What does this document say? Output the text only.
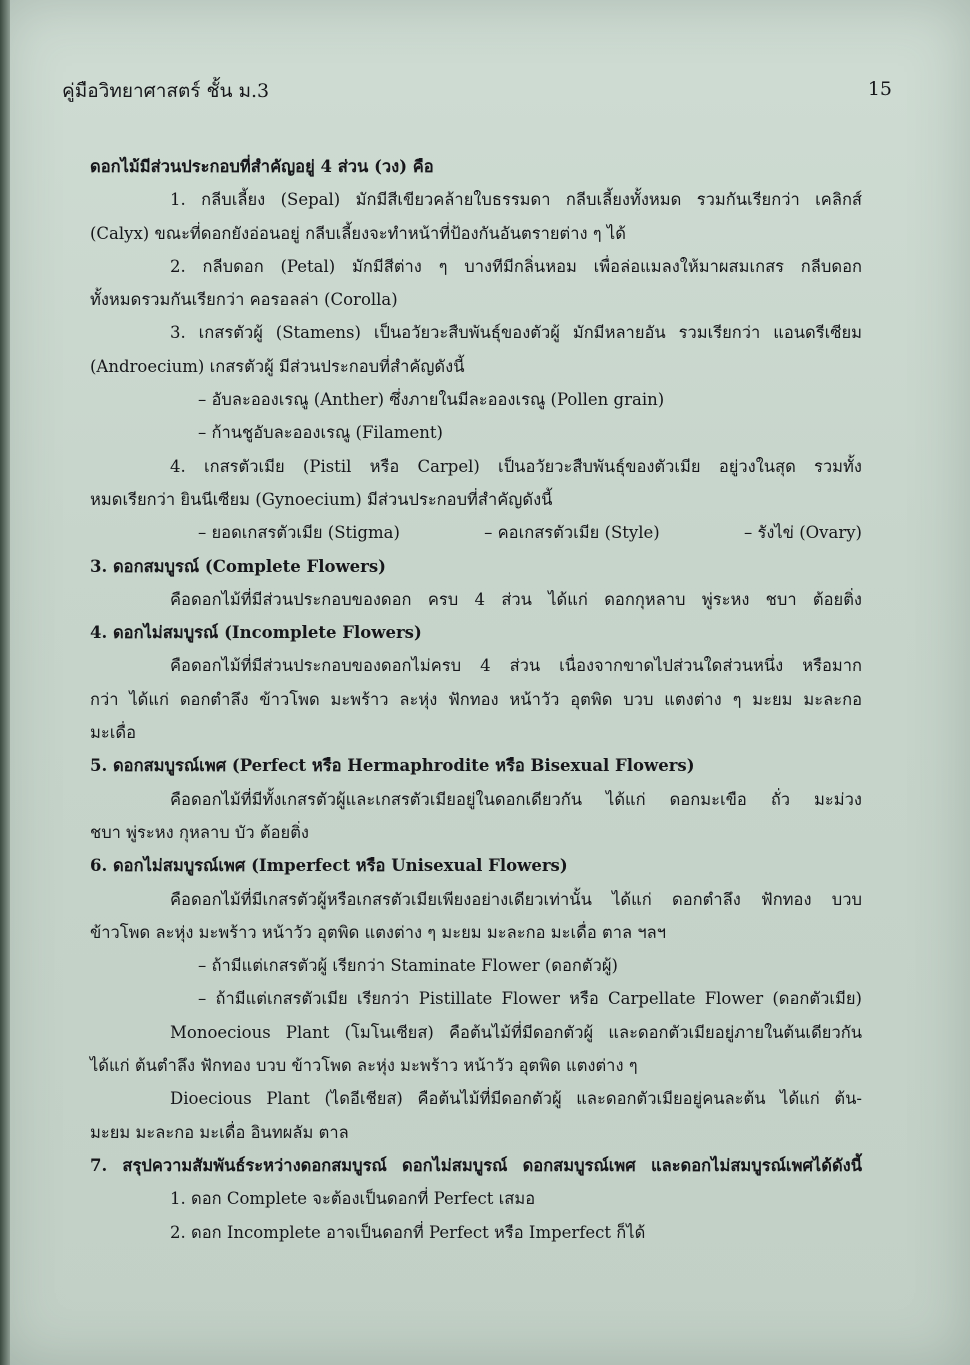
คู่มือวิทยาศาสตร์ ชั้น ม.3	15
ดอกไม้มีส่วนประกอบที่สำคัญอยู่ 4 ส่วน (วง) คือ
1. กลีบเลี้ยง (Sepal) มักมีสีเขียวคล้ายใบธรรมดา กลีบเลี้ยงทั้งหมด รวมกันเรียกว่า เคลิกส์
(Calyx) ขณะที่ดอกยังอ่อนอยู่ กลีบเลี้ยงจะทำหน้าที่ป้องกันอันตรายต่าง ๆ ได้
2. กลีบดอก (Petal) มักมีสีต่าง ๆ บางทีมีกลิ่นหอม เพื่อล่อแมลงให้มาผสมเกสร กลีบดอก
ทั้งหมดรวมกันเรียกว่า คอรอลล่า (Corolla)
3. เกสรตัวผู้ (Stamens) เป็นอวัยวะสืบพันธุ์ของตัวผู้ มักมีหลายอัน รวมเรียกว่า แอนดรีเซียม
(Androecium) เกสรตัวผู้ มีส่วนประกอบที่สำคัญดังนี้
– อับละอองเรณู (Anther) ซึ่งภายในมีละอองเรณู (Pollen grain)
– ก้านชูอับละอองเรณู (Filament)
4. เกสรตัวเมีย (Pistil หรือ Carpel) เป็นอวัยวะสืบพันธุ์ของตัวเมีย อยู่วงในสุด รวมทั้ง
หมดเรียกว่า ยินนีเซียม (Gynoecium) มีส่วนประกอบที่สำคัญดังนี้
– ยอดเกสรตัวเมีย (Stigma)	– คอเกสรตัวเมีย (Style)	– รังไข่ (Ovary)
3. ดอกสมบูรณ์ (Complete Flowers)
คือดอกไม้ที่มีส่วนประกอบของดอก ครบ 4 ส่วน ได้แก่ ดอกกุหลาบ พู่ระหง ชบา ต้อยติ่ง
4. ดอกไม่สมบูรณ์ (Incomplete Flowers)
คือดอกไม้ที่มีส่วนประกอบของดอกไม่ครบ 4 ส่วน เนื่องจากขาดไปส่วนใดส่วนหนึ่ง หรือมาก
กว่า ได้แก่ ดอกตำลึง ข้าวโพด มะพร้าว ละหุ่ง ฟักทอง หน้าวัว อุตพิด บวบ แตงต่าง ๆ มะยม มะละกอ
มะเดื่อ
5. ดอกสมบูรณ์เพศ (Perfect หรือ Hermaphrodite หรือ Bisexual Flowers)
คือดอกไม้ที่มีทั้งเกสรตัวผู้และเกสรตัวเมียอยู่ในดอกเดียวกัน ได้แก่ ดอกมะเขือ ถั่ว มะม่วง
ชบา พู่ระหง กุหลาบ บัว ต้อยติ่ง
6. ดอกไม่สมบูรณ์เพศ (Imperfect หรือ Unisexual Flowers)
คือดอกไม้ที่มีเกสรตัวผู้หรือเกสรตัวเมียเพียงอย่างเดียวเท่านั้น ได้แก่ ดอกตำลึง ฟักทอง บวบ
ข้าวโพด ละหุ่ง มะพร้าว หน้าวัว อุตพิด แตงต่าง ๆ มะยม มะละกอ มะเดื่อ ตาล ฯลฯ
– ถ้ามีแต่เกสรตัวผู้ เรียกว่า Staminate Flower (ดอกตัวผู้)
– ถ้ามีแต่เกสรตัวเมีย เรียกว่า Pistillate Flower หรือ Carpellate Flower (ดอกตัวเมีย)
Monoecious Plant (โมโนเซียส) คือต้นไม้ที่มีดอกตัวผู้ และดอกตัวเมียอยู่ภายในต้นเดียวกัน
ได้แก่ ต้นตำลึง ฟักทอง บวบ ข้าวโพด ละหุ่ง มะพร้าว หน้าวัว อุตพิด แตงต่าง ๆ
Dioecious Plant (ไดอีเชียส) คือต้นไม้ที่มีดอกตัวผู้ และดอกตัวเมียอยู่คนละต้น ได้แก่ ต้น-
มะยม มะละกอ มะเดื่อ อินทผลัม ตาล
7. สรุปความสัมพันธ์ระหว่างดอกสมบูรณ์ ดอกไม่สมบูรณ์ ดอกสมบูรณ์เพศ และดอกไม่สมบูรณ์เพศได้ดังนี้
1. ดอก Complete จะต้องเป็นดอกที่ Perfect เสมอ
2. ดอก Incomplete อาจเป็นดอกที่ Perfect หรือ Imperfect ก็ได้
